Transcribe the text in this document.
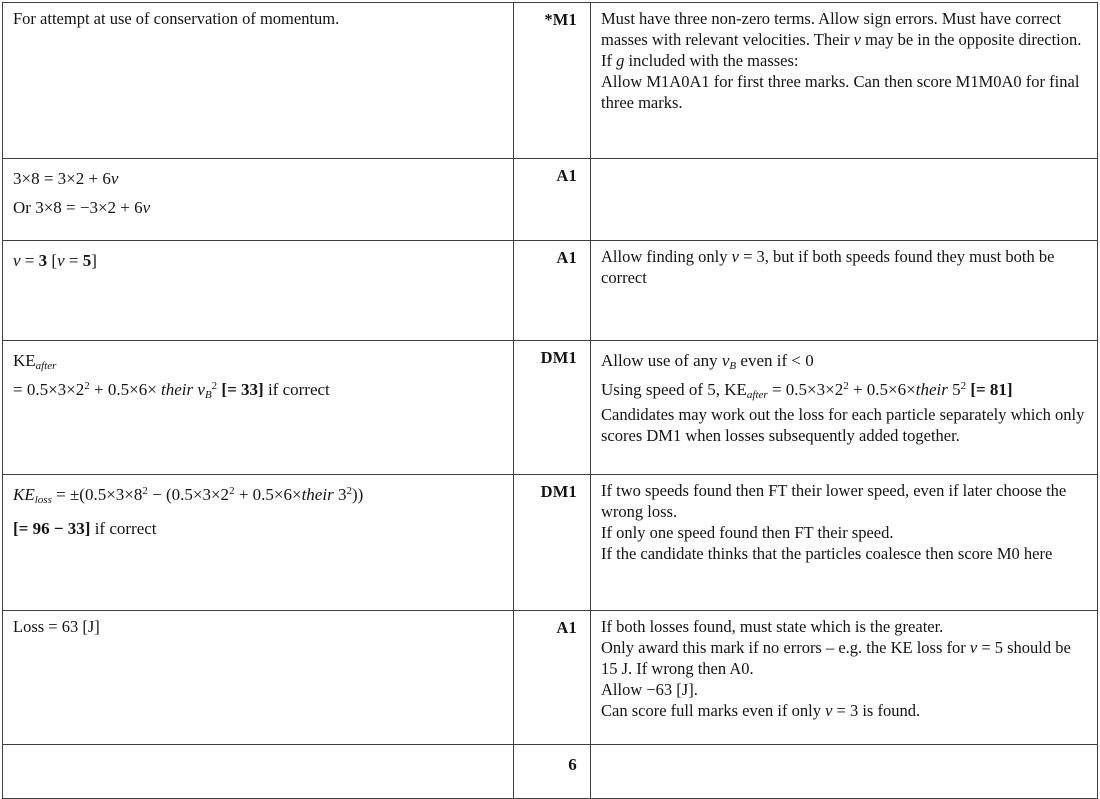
For attempt at use of conservation of momentum.	*M1	Must have three non-zero terms. Allow sign errors. Must have correct masses with relevant velocities. Their v may be in the opposite direction.
If g included with the masses:
Allow M1A0A1 for first three marks. Can then score M1M0A0 for final three marks.

3×8 = 3×2 + 6v
Or 3×8 = −3×2 + 6v	A1	

v = 3 [v = 5]	A1	Allow finding only v = 3, but if both speeds found they must both be correct

$KE_{after}$
= $0.5\times 3\times 2^2 + 0.5\times 6\times$ their $v_B^2$ [= 33] if correct
	DM1	Allow use of any $v_B$ even if < 0
Using speed of 5, $KE_{after} = 0.5\times 3\times 2^2$ + 0.5×6×their $5^2$ [= 81]
Candidates may work out the loss for each particle separately which only scores DM1 when losses subsequently added together.

$KE_{loss} = \pm(0.5\times 3\times 8^2 - (0.5\times 3\times 2^2$ + 0.5×6×their $3^2$))
[= 96 − 33] if correct
	DM1	If two speeds found then FT their lower speed, even if later choose the wrong loss.
If only one speed found then FT their speed.
If the candidate thinks that the particles coalesce then score M0 here

Loss = 63 [J]	A1	If both losses found, must state which is the greater.
Only award this mark if no errors – e.g. the KE loss for v = 5 should be 15 J. If wrong then A0.
Allow −63 [J].
Can score full marks even if only v = 3 is found.

	6	
